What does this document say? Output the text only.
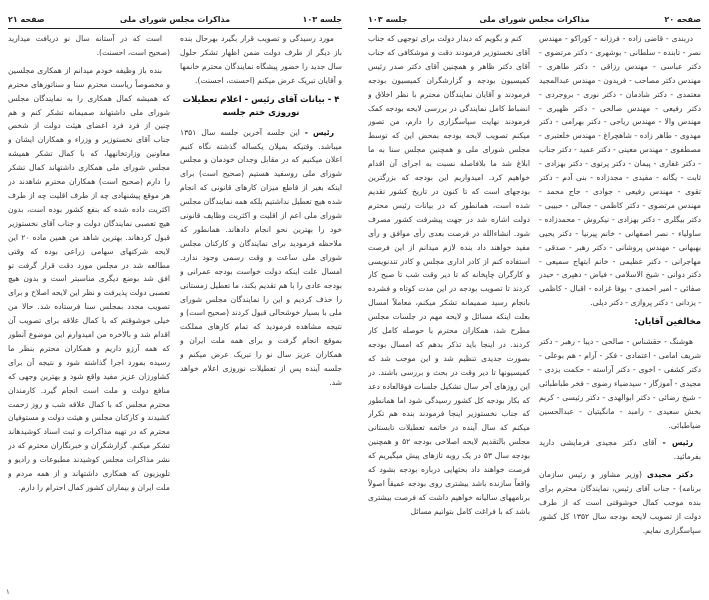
جلسه ۱۰۳
مذاکرات مجلس شورای ملی
صفحه ۲۱

مورد رسیدگی و تصویب قرار بگیرد بهرحال بنده باز دیگر از طرف دولت ضمن اظهار تشکر حلول سال جدید را حضور پیشگاه نمایندگان محترم خانمها و آقایان تبریک عرض میکنم (احسنت، احسنت).

۴ - بیانات آقای رئیس - اعلام تعطیلات نوروزی ختم جلسه

رئیس - این جلسه آخرین جلسه سال ۱۳۵۱ میباشد. وقتیکه بمیلان یکساله گذشته نگاه کنیم اعلان میکنیم که در مقابل وجدان خودمان و مجلس شورای ملی روسفید هستیم (صحیح است) برای اینکه بغیر از قاطع میزان کارهای قانونی که انجام شده هیچ تعطیل نداشتیم بلکه همه نمایندگان مجلس شورای ملی اعم از اقلیت و اکثریت وظایف قانونی خود را بهترین نحو انجام دادهاند. همانطور که ملاحظه فرمودید برای نمایندگان و کارکنان مجلس شورای ملی ساعت و وقت رسمی وجود ندارد. امسال علت اینکه دولت خواست بودجه عمرانی و بودجه عادی را با هم تقدیم بکند، ما تعطیل زمستانی را حذف کردیم و این را نمایندگان مجلس شورای ملی با بسیار خوشحالی قبول کردند (صحیح است) و نتیجه مشاهده فرمودید که تمام کارهای مملکت بموقع انجام گرفت و برای همه ملت ایران و همکاران عزیز سال نو را تبریک عرض میکنم و جلسه آینده پس از تعطیلات نوروزی اعلام خواهد شد.

است که در آستانه سال نو دریافت میدارید (صحیح است، احسنت).

بنده باز وظیفه خودم میدانم از همکاری مجلسین و مخصوصاً ریاست محترم سنا و سناتورهای محترم که همیشه کمال همکاری را به نمایندگان مجلس شورای ملی داشتهاند صمیمانه تشکر کنم و هم چنین از فرد فرد اعضای هیئت دولت از شخص جناب آقای نخستوزیر و وزراء و همکاران ایشان و معاونین وزارتخانهها، که با کمال تشکر همیشه مجلس شورای ملی همکاری داشتهاند کمال تشکر را دارم (صحیح است) همکاران محترم شاهدند در هر موقع پیشنهادی چه از طرف اقلیت چه از طرف اکثریت داده شده که بنفع کشور بوده است، بدون هیچ تعصبی نمایندگان دولت و جناب آقای نخستوزیر قبول کردهاند. بهترین شاهد من همین ماده ۲۰ این لایحه شرکتهای سهامی زراعی بوده که وقتی مطالعه شد در مجلس مورد دقت قرار گرفت تو افق شد بوضع دیگری مناسبتر است و بدون هیچ تعصبی دولت پذیرفت و نظر این لایحه اصلاح و برای تصویب مجدد بمجلس سنا فرستاده شد. حالا من خیلی خوشوقتم که با کمال علاقه برای تصویب آن اقدام شد و بالاخره من امیدوارم این موضوع آنطور که همه آرزو داریم و همکاران محترم بنظر ما رسیده بمورد اجرا گذاشته شود و نتیجه آن برای کشاورزان عزیز مفید واقع شود و بهترین وجهی که منافع دولت و ملت است انجام گیرد. کارمندان محترم مجلس که با کمال علاقه شب و روز زحمت کشیدند و کارکنان مجلس و هیئت دولت و مستوفیان محترم که در تهیه مذاکرات و ثبت اسناد کوشیدهاند تشکر میکنم. گزارشگران و خبرنگاران محترم که در نشر مذاکرات مجلس کوشیدند مطبوعات و رادیو و تلویزیون که همکاری داشتهاند و از همه مردم و ملت ایران و بیماران کشور کمال احترام را دارم.

صفحه ۲۰
مذاکرات مجلس شورای ملی
جلسه ۱۰۳

دربندی - قاضی زاده - فرزانه - کوراکو - مهندس نصر - تابنده - سلطانی - بوشهری - دکتر مرتضوی - دکتر عباسی - مهندس رزاقی - دکتر طاهری - مهندس دکتر مصاحب - فریدون - مهندس عبدالمجید معتمدی - دکتر شادمان - دکتر نوری - بروجردی - دکتر رفیعی - مهندس صالحی - دکتر ظهیری - مهندس والا - مهندس ریاحی - دکتر بهرامی - دکتر مهدوی - طاهر زاده - شاهچراغ - مهندس خلعتبری - مصطفوی - مهندس معینی - دکتر عمید - دکتر جناب - دکتر غفاری - پیمان - دکتر پرتوی - دکتر بهزادی - ثابت - یگانه - مفیدی - مجدزاده - بنی آدم - دکتر تقوی - مهندس رفیعی - جوادی - حاج محمد - مهندس مرتضوی - دکتر کاظمی - جمالی - حبیبی - دکتر بیگلری - دکتر بهزادی - نیکروش - محمدزاده - ساولیاء - نصر اصفهانی - خانم پیرنیا - دکتر یحیی بهبهانی - مهندس پروشانی - دکتر رهبر - صدقی - مهاجرانی - دکتر عظیمی - خانم ابتهاج سمیعی - دکتر دوانی - شیخ الاسلامی - فیاض - دهپری - حیدر صفائی - امیر احمدی - بوفا غزاده - اقبال - کاظمی - یزدانی - دکتر پروازی - دکتر دیلی.

مخالفین آقایان:

هوشنگ - حقشناس - صالحی - دیبا - رهبر - دکتر شریف امامی - اعتمادی - فکر - آرام - هم بوعلی - دکتر کشفی - اخوی - دکتر آراسته - حکمت یزدی - مجیدی - آموزگار - سیدضیاء رضوی - فخر طباطبائی - شیخ رضائی - دکتر ابوالهدی - دکتر رئیسی - کریم بخش سعیدی - رامبد - مانگیتیان - عبدالحسین ضیاطبائی.

رئیس - آقای دکتر مجیدی فرمایشی دارید بفرمائید.

دکتر مجیدی (وزیر مشاور و رئیس سازمان برنامه) - جناب آقای رئیس، نمایندگان محترم برای بنده موجب کمال خوشوقتی است که از طرف دولت از تصویب لایحه بودجه سال ۱۳۵۲ کل کشور سپاسگزاری نمایم.

کنم و بگویم که دیدار دولت برای توجهی که جناب آقای نخستوزیر فرمودند دقت و موشکافی که جناب آقای دکتر ظاهر و همچنین آقای دکتر صدر رئیس کمیسیون بودجه و گزارشگران کمیسیون بودجه فرمودند و آقایان نمایندگان محترم با نظر اخلاق و انضباط کامل نمایندگی در بررسی لایحه بودجه کمک فرمودند نهایت سپاسگزاری را دارم، من تصور میکنم تصویب لایحه بودجه بمحض این که توسط مجلس شورای ملی و همچنین مجلس سنا به ما ابلاغ شد ما بلافاصله نسبت به اجرای آن اقدام خواهیم کرد. امیدواریم این بودجه که بزرگترین بودجهای است که تا کنون در تاریخ کشور تقدیم شده است، همانطور که در بیانات رئیس محترم دولت اشاره شد در جهت پیشرفت کشور مصرف شود. انشاءالله در فرصت بعدی رأی موافق و رأی مفید خواهند داد بنده لازم میدانم از این فرصت استفاده کنم از کادر اداری مجلس و کادر تندنویسی و کارگران چاپخانه که تا دیر وقت شب تا صبح کار کردند تا تصویب بودجه در این مدت کوتاه و فشرده بانجام رسید صمیمانه تشکر میکنم، معاملاً امسال بعلت اینکه مسائل و لایحه مهم در جلسات مجلس مطرح شد، همکاران محترم با حوصله کامل کار کردند. در اینجا باید تذکر بدهم که امسال بودجه بصورت جدیدی تنظیم شد و این موجب شد که کمیسیونها تا دیر وقت در بحث و بررسی باشند. در این روزهای آخر سال تشکیل جلسات فوقالعاده دعد که بکار بودجه کل کشور رسیدگی شود اما همانطور که جناب نخستوزیر اینجا فرمودند بنده هم تکرار میکنم که سال آینده در خاتمه تعطیلات تابستانی مجلس بالتقدیم لایحه اصلاحی بودجه ۵۲ و همچنین بودجه سال ۵۳ در یک رویه تازهای پیش میگیریم که فرصت خواهند داد بحثهایی درباره بودجه بشود که واقعاً سازنده باشد بیشتری روی بودجه عمیقاً اصولاً برنامههای سالیانه خواهیم داشت که فرصت بیشتری باشد که با فراغت کامل بتوانیم مسائل

۱
